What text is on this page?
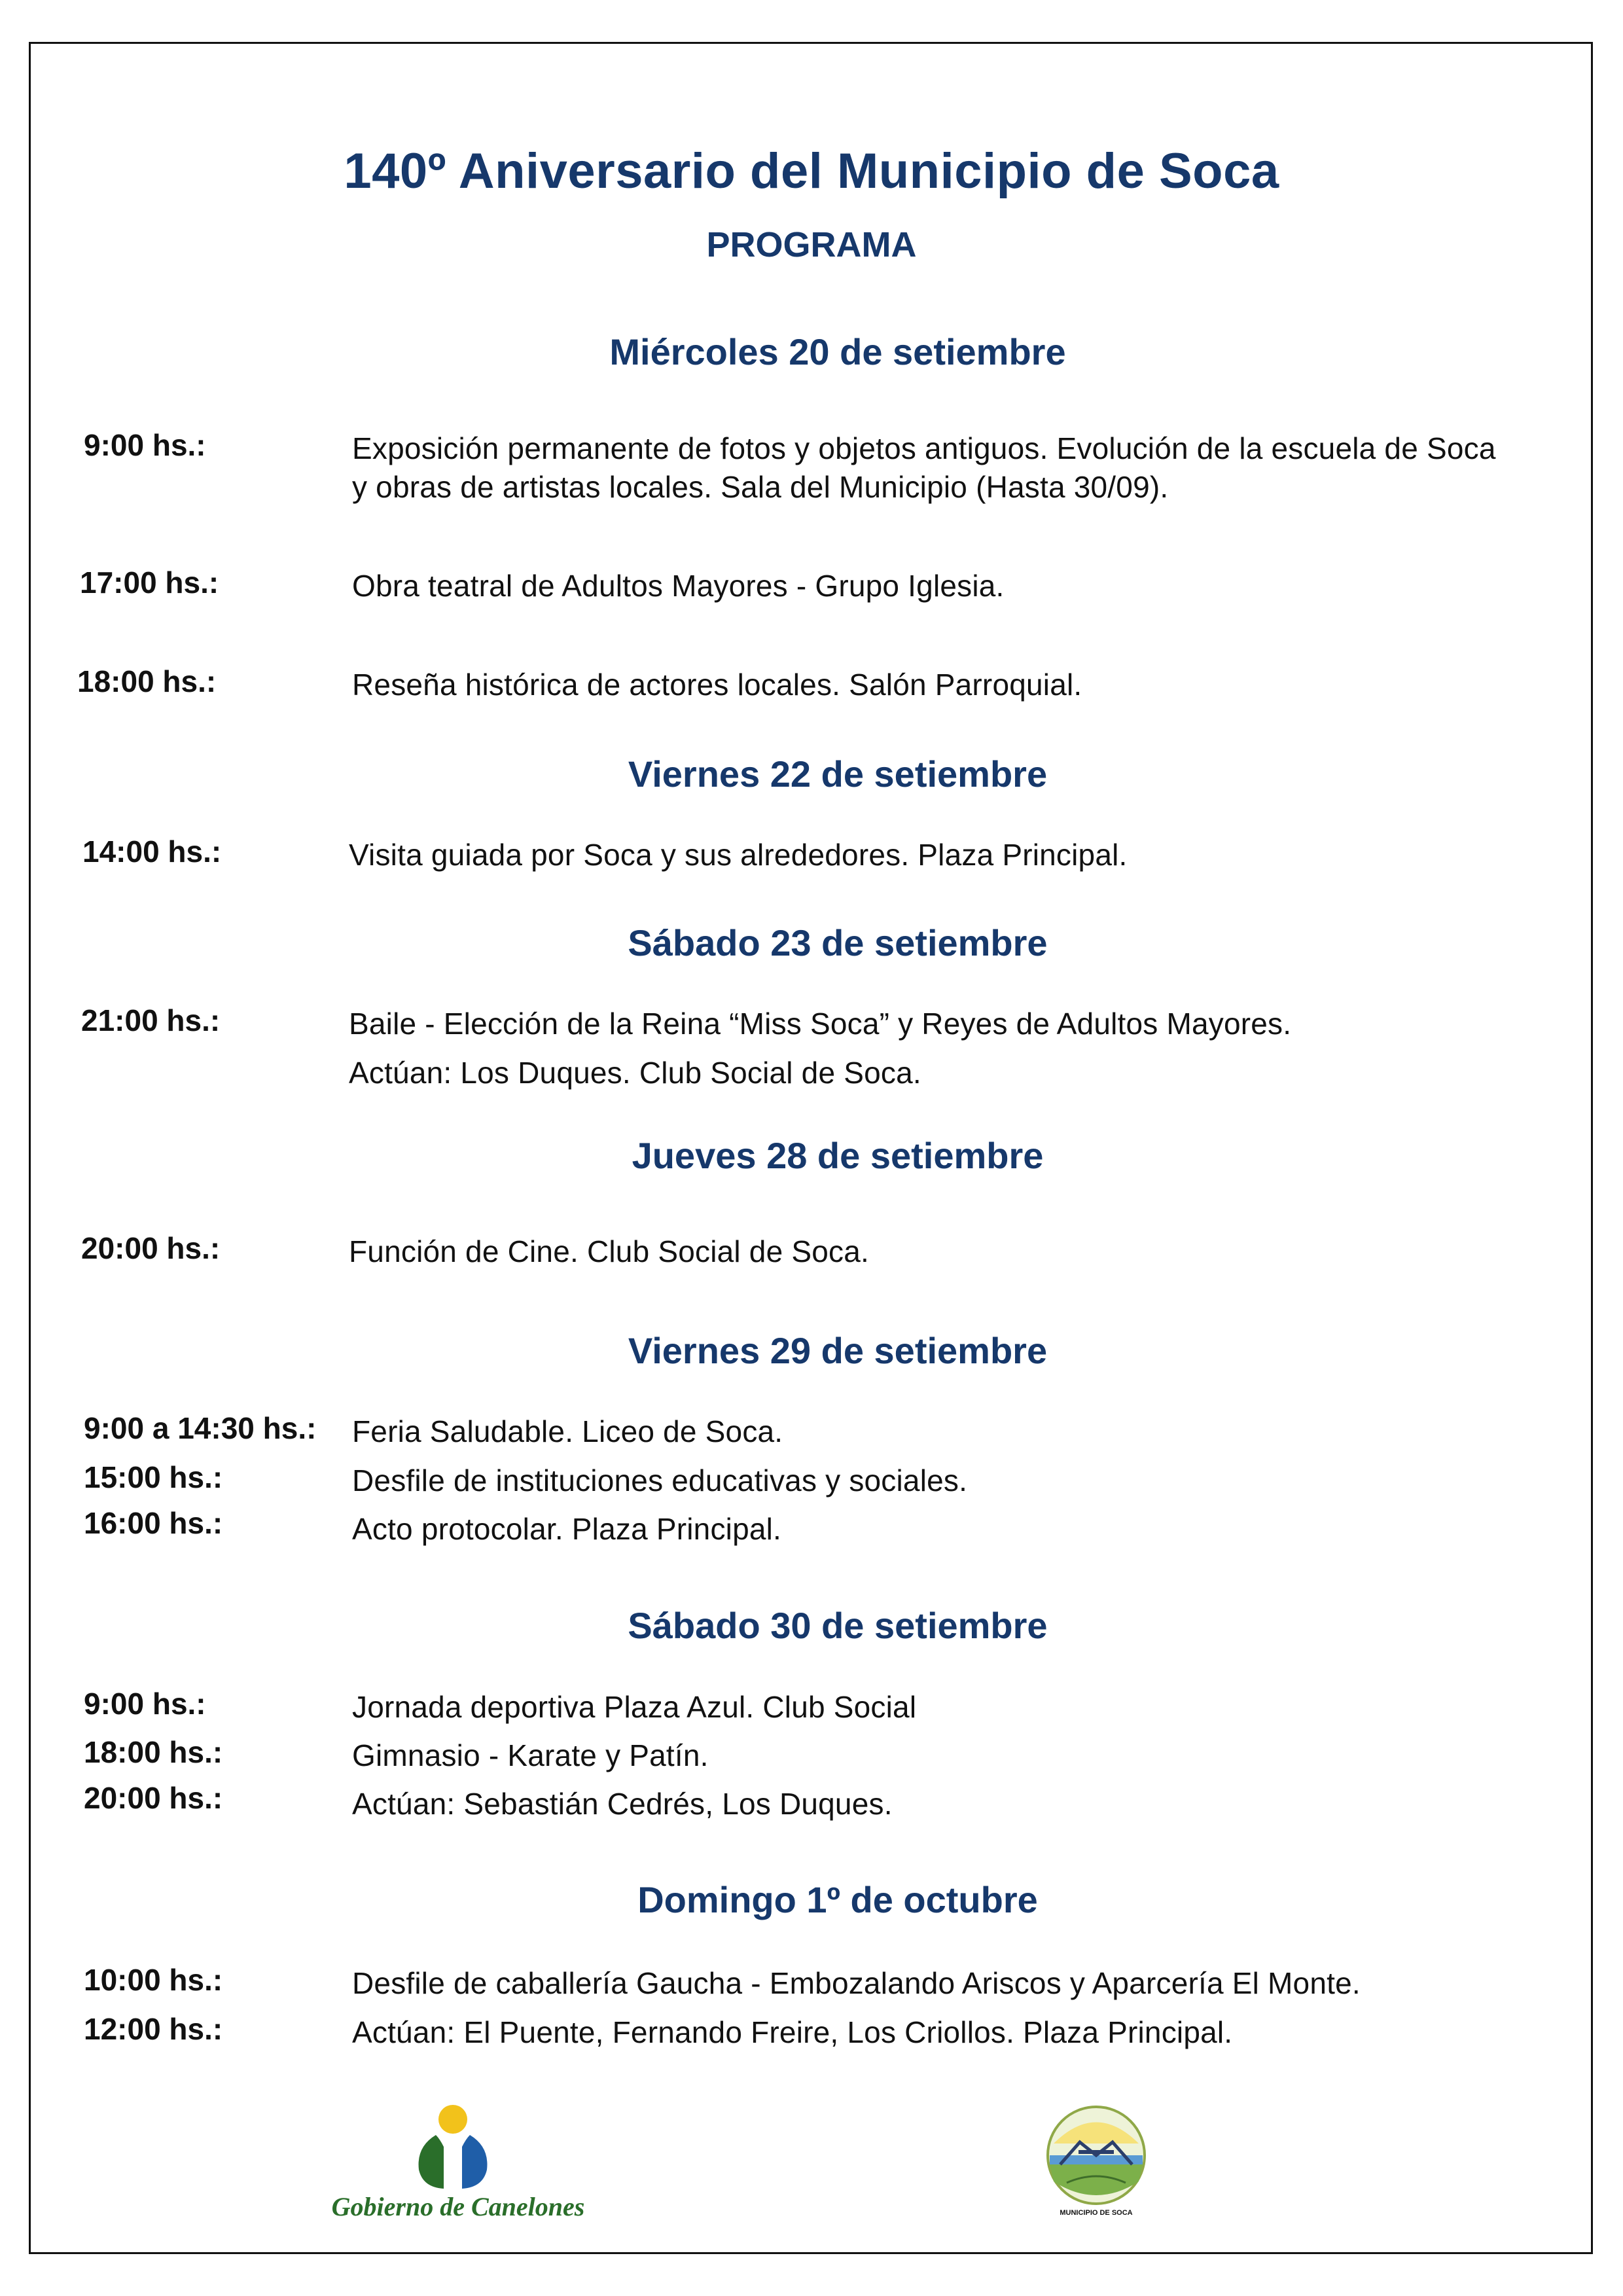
140º Aniversario del Municipio de Soca
PROGRAMA
Miércoles 20 de setiembre
9:00 hs.:	Exposición permanente de fotos y objetos antiguos. Evolución de la escuela de Soca
y obras de artistas locales. Sala del Municipio (Hasta 30/09).
17:00 hs.:	Obra teatral de Adultos Mayores - Grupo Iglesia.
18:00 hs.:	Reseña histórica de actores locales. Salón Parroquial.
Viernes 22 de setiembre
14:00 hs.:	Visita guiada por Soca y sus alrededores. Plaza Principal.
Sábado 23 de setiembre
21:00 hs.:	Baile - Elección de la Reina “Miss Soca” y Reyes de Adultos Mayores.
Actúan: Los Duques. Club Social de Soca.
Jueves 28 de setiembre
20:00 hs.:	Función de Cine. Club Social de Soca.
Viernes 29 de setiembre
9:00 a 14:30 hs.: Feria Saludable. Liceo de Soca.
15:00 hs.:	Desfile de instituciones educativas y sociales.
16:00 hs.:	Acto protocolar. Plaza Principal.
Sábado 30 de setiembre
9:00 hs.:	Jornada deportiva Plaza Azul. Club Social
18:00 hs.:	Gimnasio - Karate y Patín.
20:00 hs.:	Actúan: Sebastián Cedrés, Los Duques.
Domingo 1º de octubre
10:00 hs.:	Desfile de caballería Gaucha - Embozalando Ariscos y Aparcería El Monte.
12:00 hs.:	Actúan: El Puente, Fernando Freire, Los Criollos. Plaza Principal.
Gobierno de Canelones	MUNICIPIO DE SOCA
